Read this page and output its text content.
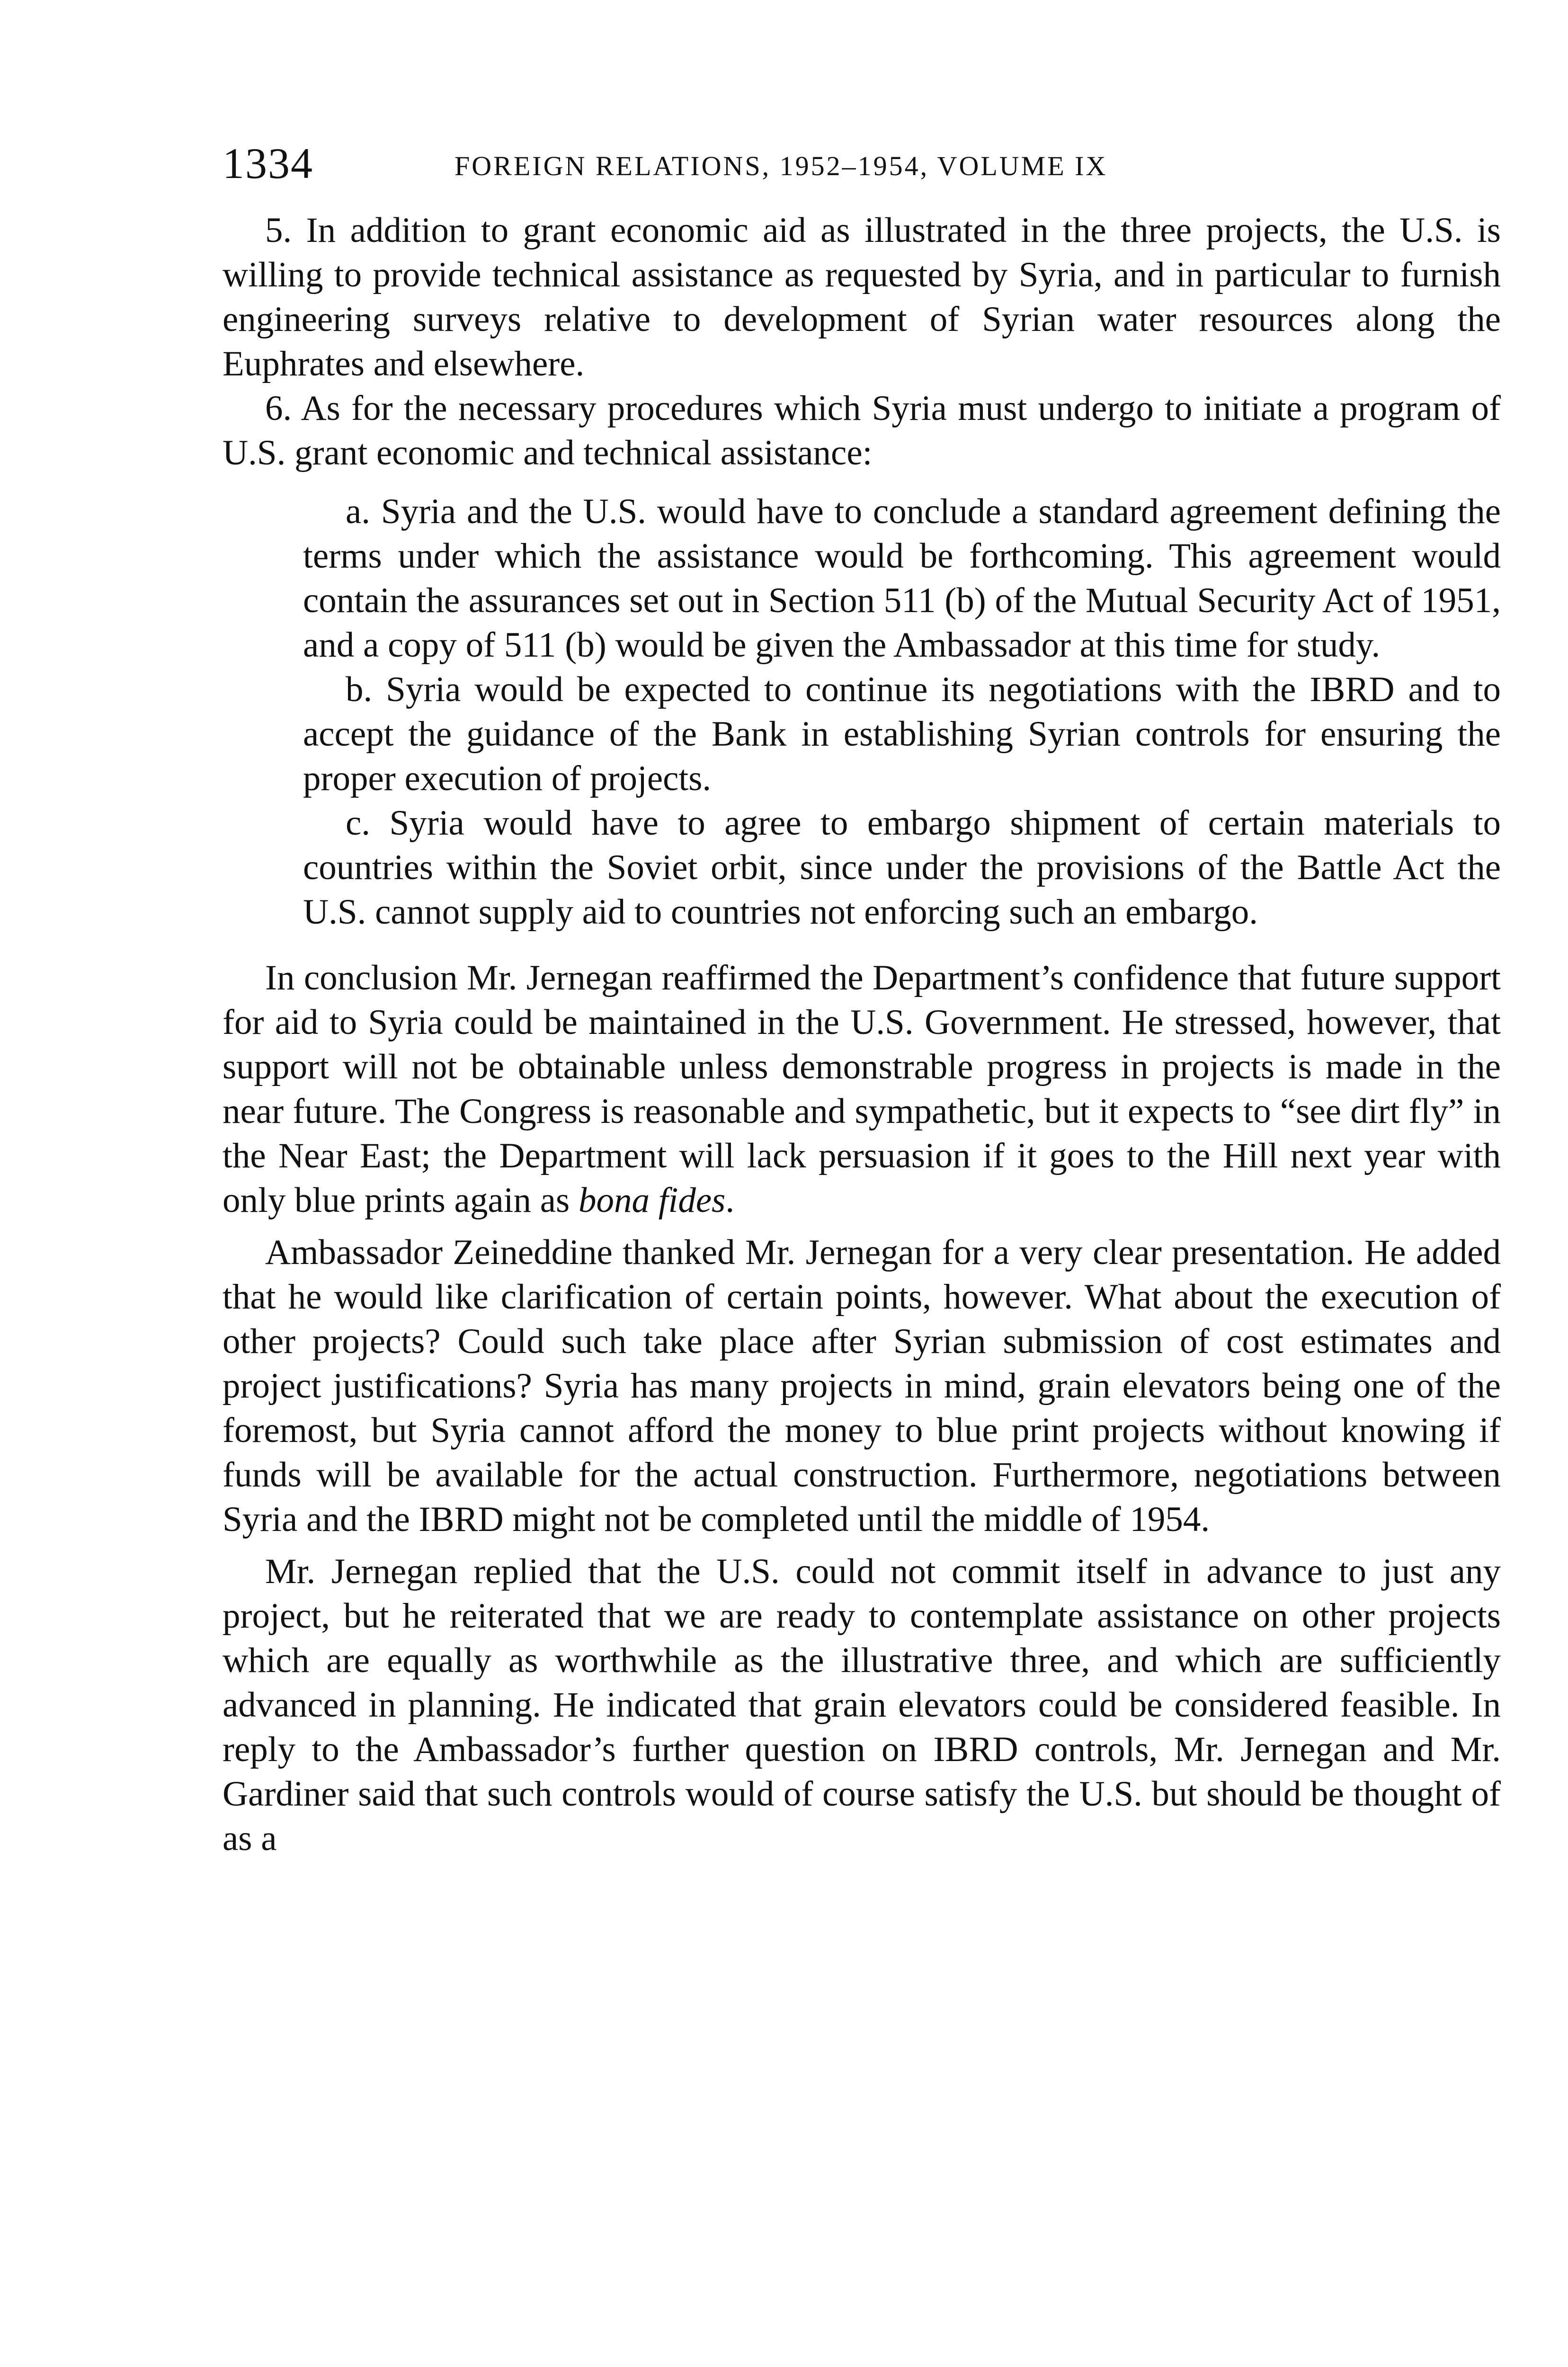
1334	FOREIGN RELATIONS, 1952–1954, VOLUME IX

5. In addition to grant economic aid as illustrated in the three projects, the U.S. is willing to provide technical assistance as requested by Syria, and in particular to furnish engineering surveys relative to development of Syrian water resources along the Euphrates and elsewhere.

6. As for the necessary procedures which Syria must undergo to initiate a program of U.S. grant economic and technical assistance:

a. Syria and the U.S. would have to conclude a standard agreement defining the terms under which the assistance would be forthcoming. This agreement would contain the assurances set out in Section 511 (b) of the Mutual Security Act of 1951, and a copy of 511 (b) would be given the Ambassador at this time for study.

b. Syria would be expected to continue its negotiations with the IBRD and to accept the guidance of the Bank in establishing Syrian controls for ensuring the proper execution of projects.

c. Syria would have to agree to embargo shipment of certain materials to countries within the Soviet orbit, since under the provisions of the Battle Act the U.S. cannot supply aid to countries not enforcing such an embargo.

In conclusion Mr. Jernegan reaffirmed the Department’s confidence that future support for aid to Syria could be maintained in the U.S. Government. He stressed, however, that support will not be obtainable unless demonstrable progress in projects is made in the near future. The Congress is reasonable and sympathetic, but it expects to “see dirt fly” in the Near East; the Department will lack persuasion if it goes to the Hill next year with only blue prints again as bona fides.

Ambassador Zeineddine thanked Mr. Jernegan for a very clear presentation. He added that he would like clarification of certain points, however. What about the execution of other projects? Could such take place after Syrian submission of cost estimates and project justifications? Syria has many projects in mind, grain elevators being one of the foremost, but Syria cannot afford the money to blue print projects without knowing if funds will be available for the actual construction. Furthermore, negotiations between Syria and the IBRD might not be completed until the middle of 1954.

Mr. Jernegan replied that the U.S. could not commit itself in advance to just any project, but he reiterated that we are ready to contemplate assistance on other projects which are equally as worthwhile as the illustrative three, and which are sufficiently advanced in planning. He indicated that grain elevators could be considered feasible. In reply to the Ambassador’s further question on IBRD controls, Mr. Jernegan and Mr. Gardiner said that such controls would of course satisfy the U.S. but should be thought of as a
